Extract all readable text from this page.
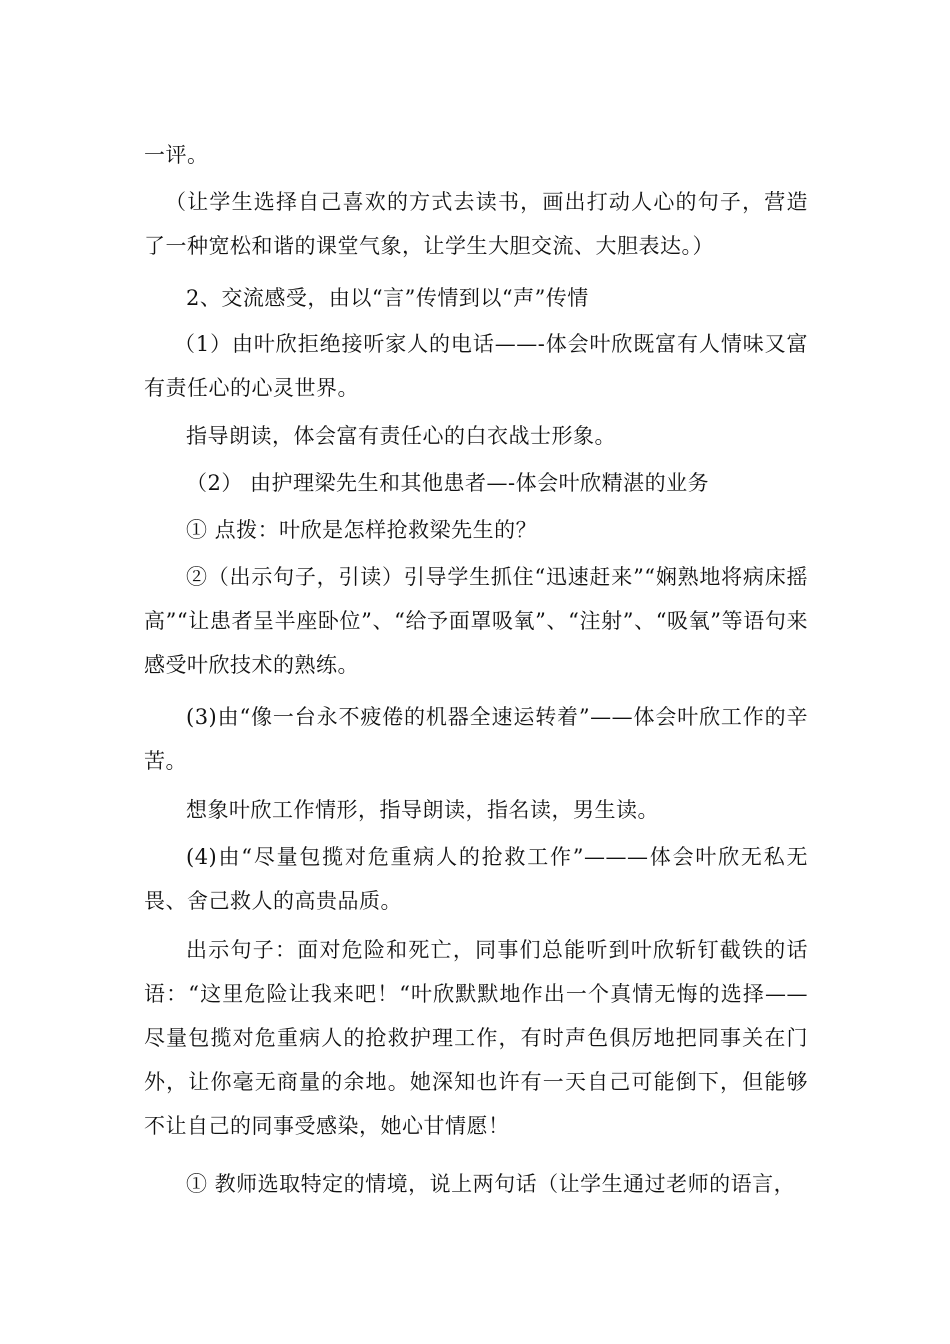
一评。

（让学生选择自己喜欢的方式去读书，画出打动人心的句子，营造了一种宽松和谐的课堂气象，让学生大胆交流、大胆表达。）

2、交流感受，由以“言”传情到以“声”传情

（1）由叶欣拒绝接听家人的电话——-体会叶欣既富有人情味又富有责任心的心灵世界。

指导朗读，体会富有责任心的白衣战士形象。

（2） 由护理梁先生和其他患者—-体会叶欣精湛的业务

① 点拨：叶欣是怎样抢救梁先生的？

②（出示句子，引读）引导学生抓住“迅速赶来”“娴熟地将病床摇高”“让患者呈半座卧位”、“给予面罩吸氧”、“注射”、“吸氧”等语句来感受叶欣技术的熟练。

(3)由“像一台永不疲倦的机器全速运转着”——体会叶欣工作的辛苦。

想象叶欣工作情形，指导朗读，指名读，男生读。

(4)由“尽量包揽对危重病人的抢救工作”———体会叶欣无私无畏、舍己救人的高贵品质。

出示句子：面对危险和死亡，同事们总能听到叶欣斩钉截铁的话语：“这里危险让我来吧！“叶欣默默地作出一个真情无悔的选择——尽量包揽对危重病人的抢救护理工作，有时声色俱厉地把同事关在门外，让你毫无商量的余地。她深知也许有一天自己可能倒下，但能够不让自己的同事受感染，她心甘情愿！

① 教师选取特定的情境，说上两句话（让学生通过老师的语言，
